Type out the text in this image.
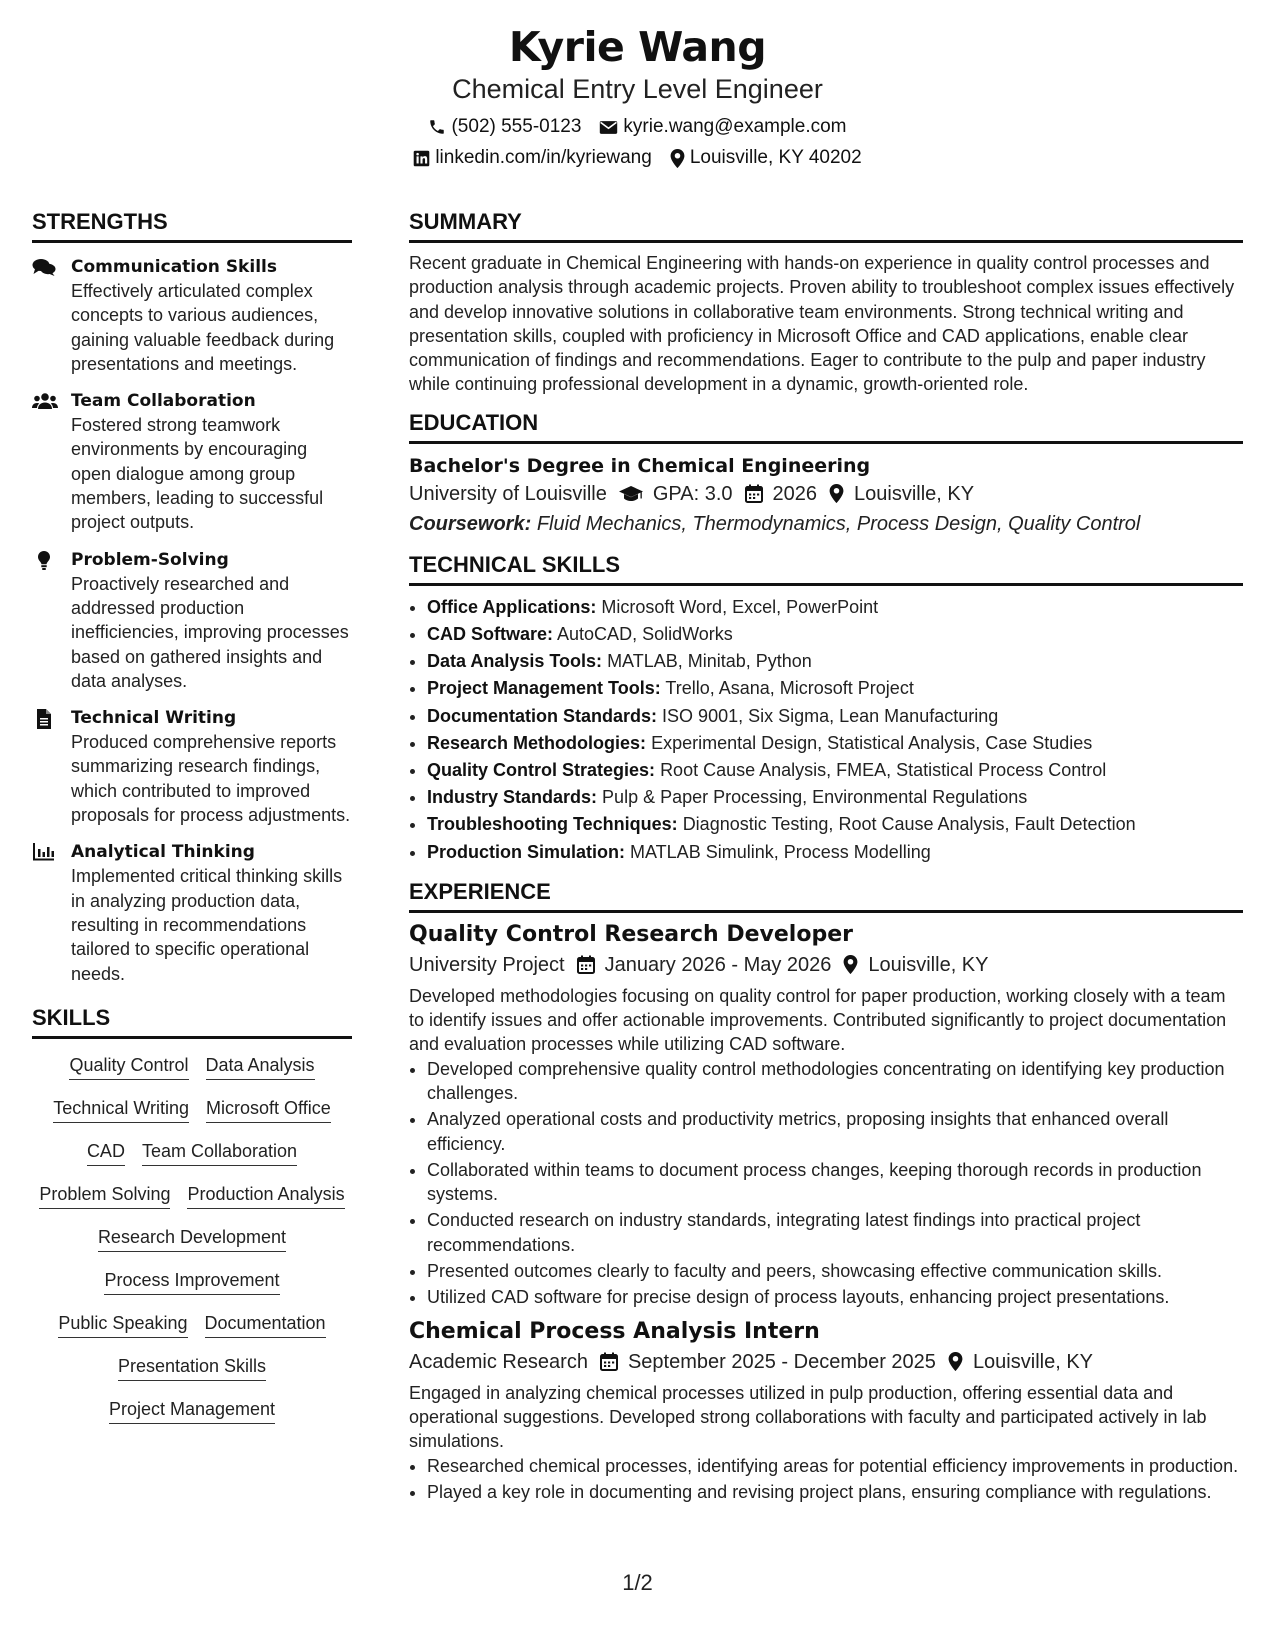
Kyrie Wang
Chemical Entry Level Engineer
(502) 555-0123 kyrie.wang@example.com
linkedin.com/in/kyriewang Louisville, KY 40202
STRENGTHS
Communication Skills
Effectively articulated complex concepts to various audiences, gaining valuable feedback during presentations and meetings.
Team Collaboration
Fostered strong teamwork environments by encouraging open dialogue among group members, leading to successful project outputs.
Problem-Solving
Proactively researched and addressed production inefficiencies, improving processes based on gathered insights and data analyses.
Technical Writing
Produced comprehensive reports summarizing research findings, which contributed to improved proposals for process adjustments.
Analytical Thinking
Implemented critical thinking skills in analyzing production data, resulting in recommendations tailored to specific operational needs.
SKILLS
Quality Control Data Analysis
Technical Writing Microsoft Office
CAD Team Collaboration
Problem Solving Production Analysis
Research Development
Process Improvement
Public Speaking Documentation
Presentation Skills
Project Management
SUMMARY
Recent graduate in Chemical Engineering with hands-on experience in quality control processes and production analysis through academic projects. Proven ability to troubleshoot complex issues effectively and develop innovative solutions in collaborative team environments. Strong technical writing and presentation skills, coupled with proficiency in Microsoft Office and CAD applications, enable clear communication of findings and recommendations. Eager to contribute to the pulp and paper industry while continuing professional development in a dynamic, growth-oriented role.
EDUCATION
Bachelor's Degree in Chemical Engineering
University of Louisville GPA: 3.0 2026 Louisville, KY
Coursework: Fluid Mechanics, Thermodynamics, Process Design, Quality Control
TECHNICAL SKILLS
• Office Applications: Microsoft Word, Excel, PowerPoint
• CAD Software: AutoCAD, SolidWorks
• Data Analysis Tools: MATLAB, Minitab, Python
• Project Management Tools: Trello, Asana, Microsoft Project
• Documentation Standards: ISO 9001, Six Sigma, Lean Manufacturing
• Research Methodologies: Experimental Design, Statistical Analysis, Case Studies
• Quality Control Strategies: Root Cause Analysis, FMEA, Statistical Process Control
• Industry Standards: Pulp & Paper Processing, Environmental Regulations
• Troubleshooting Techniques: Diagnostic Testing, Root Cause Analysis, Fault Detection
• Production Simulation: MATLAB Simulink, Process Modelling
EXPERIENCE
Quality Control Research Developer
University Project January 2026 - May 2026 Louisville, KY
Developed methodologies focusing on quality control for paper production, working closely with a team to identify issues and offer actionable improvements. Contributed significantly to project documentation and evaluation processes while utilizing CAD software.
• Developed comprehensive quality control methodologies concentrating on identifying key production challenges.
• Analyzed operational costs and productivity metrics, proposing insights that enhanced overall efficiency.
• Collaborated within teams to document process changes, keeping thorough records in production systems.
• Conducted research on industry standards, integrating latest findings into practical project recommendations.
• Presented outcomes clearly to faculty and peers, showcasing effective communication skills.
• Utilized CAD software for precise design of process layouts, enhancing project presentations.
Chemical Process Analysis Intern
Academic Research September 2025 - December 2025 Louisville, KY
Engaged in analyzing chemical processes utilized in pulp production, offering essential data and operational suggestions. Developed strong collaborations with faculty and participated actively in lab simulations.
• Researched chemical processes, identifying areas for potential efficiency improvements in production.
• Played a key role in documenting and revising project plans, ensuring compliance with regulations.
1/2
